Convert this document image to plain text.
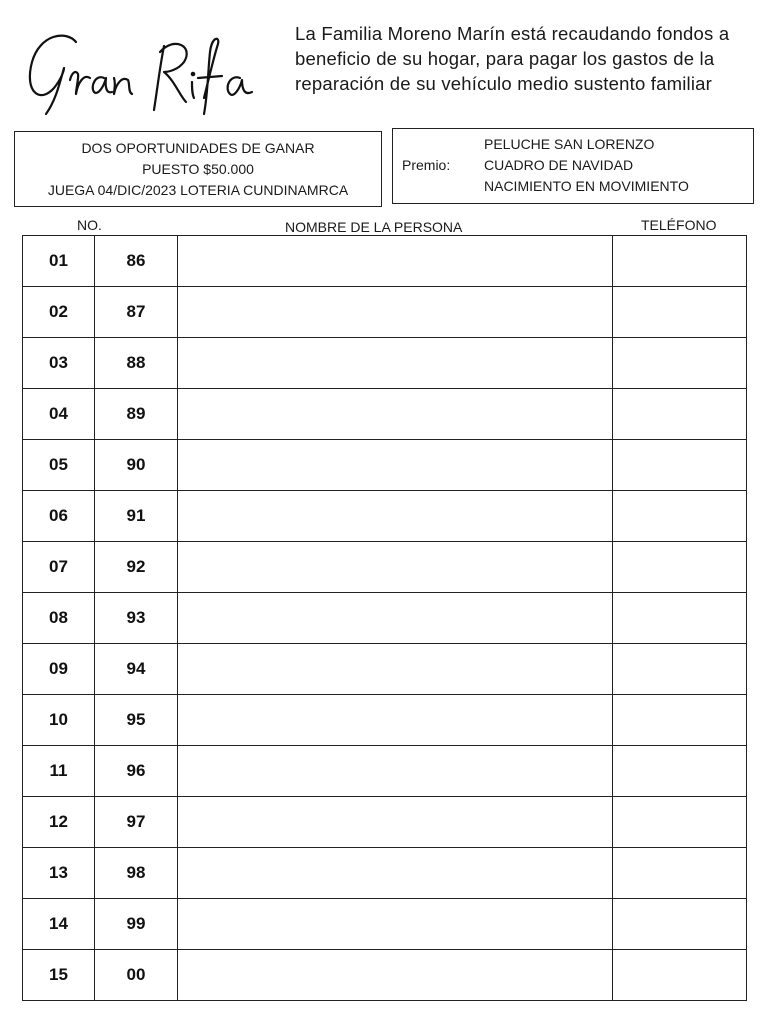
La Familia Moreno Marín está recaudando fondos a beneficio de su hogar, para pagar los gastos de la reparación de su vehículo medio sustento familiar
DOS OPORTUNIDADES DE GANAR
PUESTO $50.000
JUEGA 04/DIC/2023 LOTERIA CUNDINAMRCA
Premio:
PELUCHE SAN LORENZO
CUADRO DE NAVIDAD
NACIMIENTO EN MOVIMIENTO
NO.	NOMBRE DE LA PERSONA	TELÉFONO
01	86		
02	87		
03	88		
04	89		
05	90		
06	91		
07	92		
08	93		
09	94		
10	95		
11	96		
12	97		
13	98		
14	99		
15	00		
